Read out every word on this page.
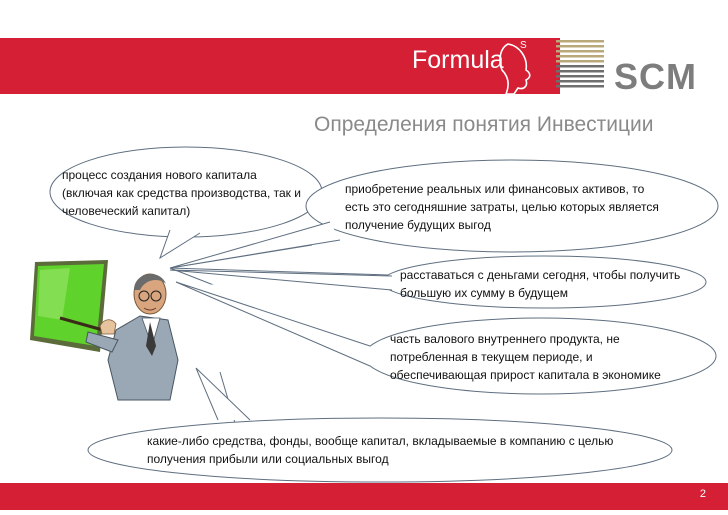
Formula
S
SCM
Определения понятия Инвестиции
процесс создания нового капитала
(включая как средства производства, так и
человеческий капитал)
приобретение реальных или финансовых активов, то
есть это сегодняшние затраты, целью которых является
получение будущих выгод
расставаться с деньгами сегодня, чтобы получить
большую их сумму в будущем
часть валового внутреннего продукта, не
потребленная в текущем периоде, и
обеспечивающая прирост капитала в экономике
какие-либо средства, фонды, вообще капитал, вкладываемые в компанию с целью
получения прибыли или социальных выгод
2
